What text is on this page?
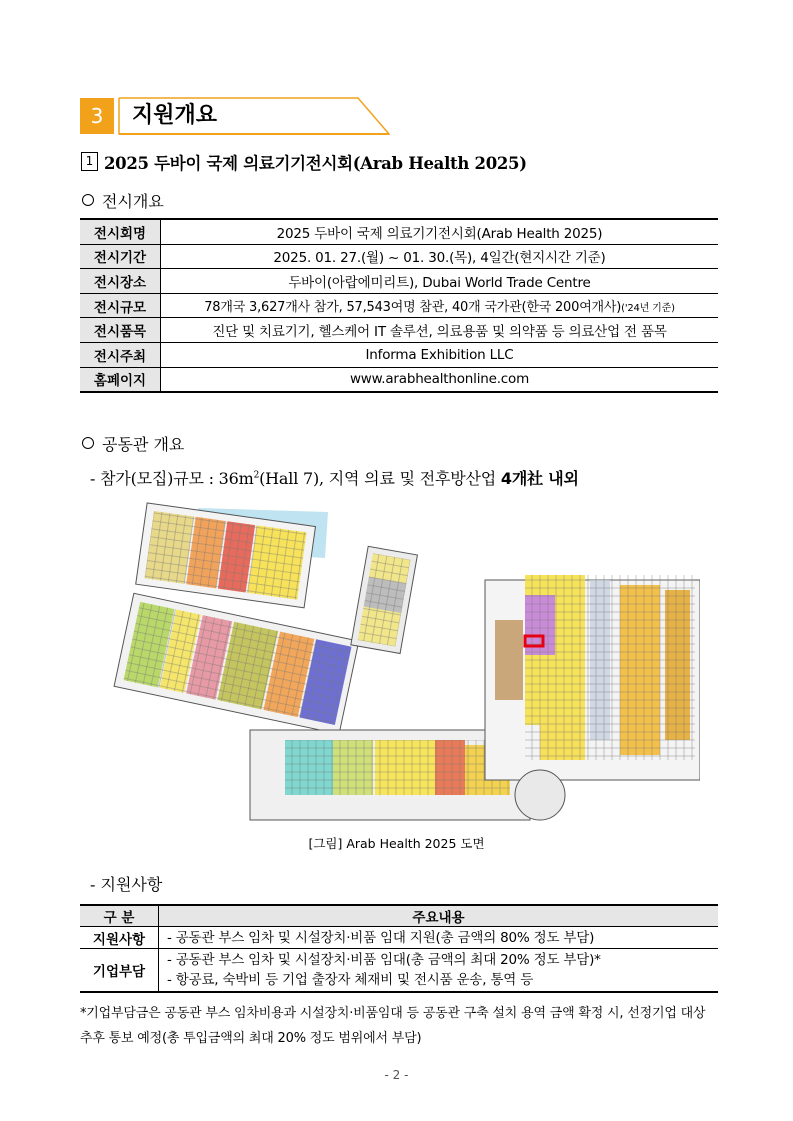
3	지원개요
1 2025 두바이 국제 의료기기전시회(Arab Health 2025)
전시개요
전시회명	2025 두바이 국제 의료기기전시회(Arab Health 2025)
전시기간	2025. 01. 27.(월) ~ 01. 30.(목), 4일간(현지시간 기준)
전시장소	두바이(아랍에미리트), Dubai World Trade Centre
전시규모	78개국 3,627개사 참가, 57,543여명 참관, 40개 국가관(한국 200여개사)('24년 기준)
전시품목	진단 및 치료기기, 헬스케어 IT 솔루션, 의료용품 및 의약품 등 의료산업 전 품목
전시주최	Informa Exhibition LLC
홈페이지	www.arabhealthonline.com
공동관 개요
- 참가(모집)규모 : $36m^2(Hall$ 7), 지역 의료 및 전후방산업 4개社 내외
[그림] Arab Health 2025 도면
- 지원사항
구 분	주요내용
지원사항	- 공동관 부스 임차 및 시설장치·비품 임대 지원(총 금액의 80% 정도 부담)

기업부담	- 공동관 부스 임차 및 시설장치·비품 임대(총 금액의 최대 20% 정도 부담)*
- 항공료, 숙박비 등 기업 출장자 체재비 및 전시품 운송, 통역 등
*기업부담금은 공동관 부스 임차비용과 시설장치·비품임대 등 공동관 구축 설치 용역 금액 확정 시, 선정기업 대상 추후 통보 예정(총 투입금액의 최대 20% 정도 범위에서 부담)
- 2 -
